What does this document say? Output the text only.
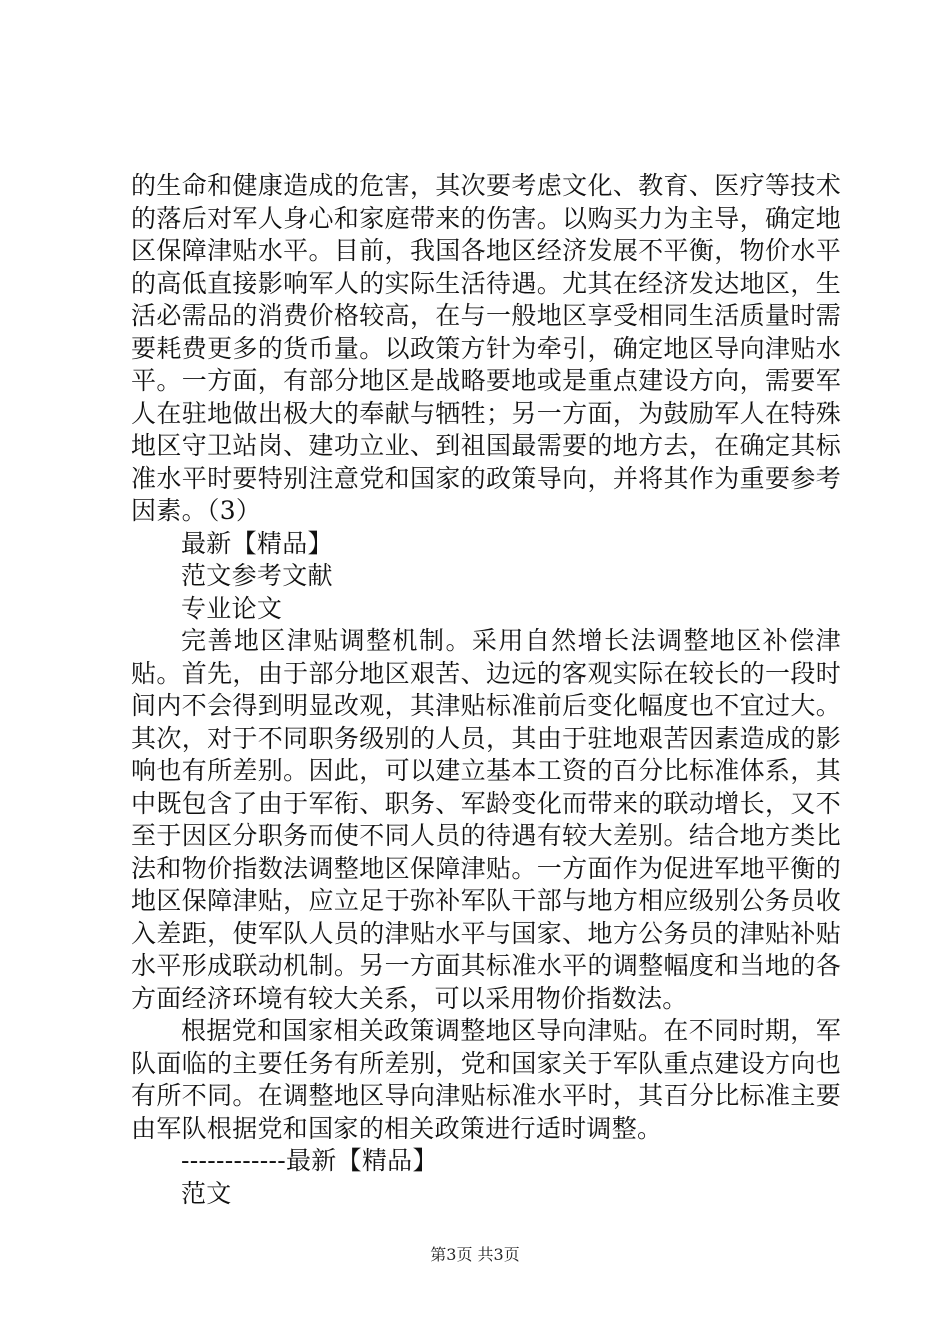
的生命和健康造成的危害，其次要考虑文化、教育、医疗等技术的落后对军人身心和家庭带来的伤害。以购买力为主导，确定地区保障津贴水平。目前，我国各地区经济发展不平衡，物价水平的高低直接影响军人的实际生活待遇。尤其在经济发达地区，生活必需品的消费价格较高，在与一般地区享受相同生活质量时需要耗费更多的货币量。以政策方针为牵引，确定地区导向津贴水平。一方面，有部分地区是战略要地或是重点建设方向，需要军人在驻地做出极大的奉献与牺牲；另一方面，为鼓励军人在特殊地区守卫站岗、建功立业、到祖国最需要的地方去，在确定其标准水平时要特别注意党和国家的政策导向，并将其作为重要参考因素。（3）

最新【精品】

范文参考文献

专业论文

完善地区津贴调整机制。采用自然增长法调整地区补偿津贴。首先，由于部分地区艰苦、边远的客观实际在较长的一段时间内不会得到明显改观，其津贴标准前后变化幅度也不宜过大。其次，对于不同职务级别的人员，其由于驻地艰苦因素造成的影响也有所差别。因此，可以建立基本工资的百分比标准体系，其中既包含了由于军衔、职务、军龄变化而带来的联动增长，又不至于因区分职务而使不同人员的待遇有较大差别。结合地方类比法和物价指数法调整地区保障津贴。一方面作为促进军地平衡的地区保障津贴，应立足于弥补军队干部与地方相应级别公务员收入差距，使军队人员的津贴水平与国家、地方公务员的津贴补贴水平形成联动机制。另一方面其标准水平的调整幅度和当地的各方面经济环境有较大关系，可以采用物价指数法。

根据党和国家相关政策调整地区导向津贴。在不同时期，军队面临的主要任务有所差别，党和国家关于军队重点建设方向也有所不同。在调整地区导向津贴标准水平时，其百分比标准主要由军队根据党和国家的相关政策进行适时调整。

------------最新【精品】

范文

第3页 共3页
